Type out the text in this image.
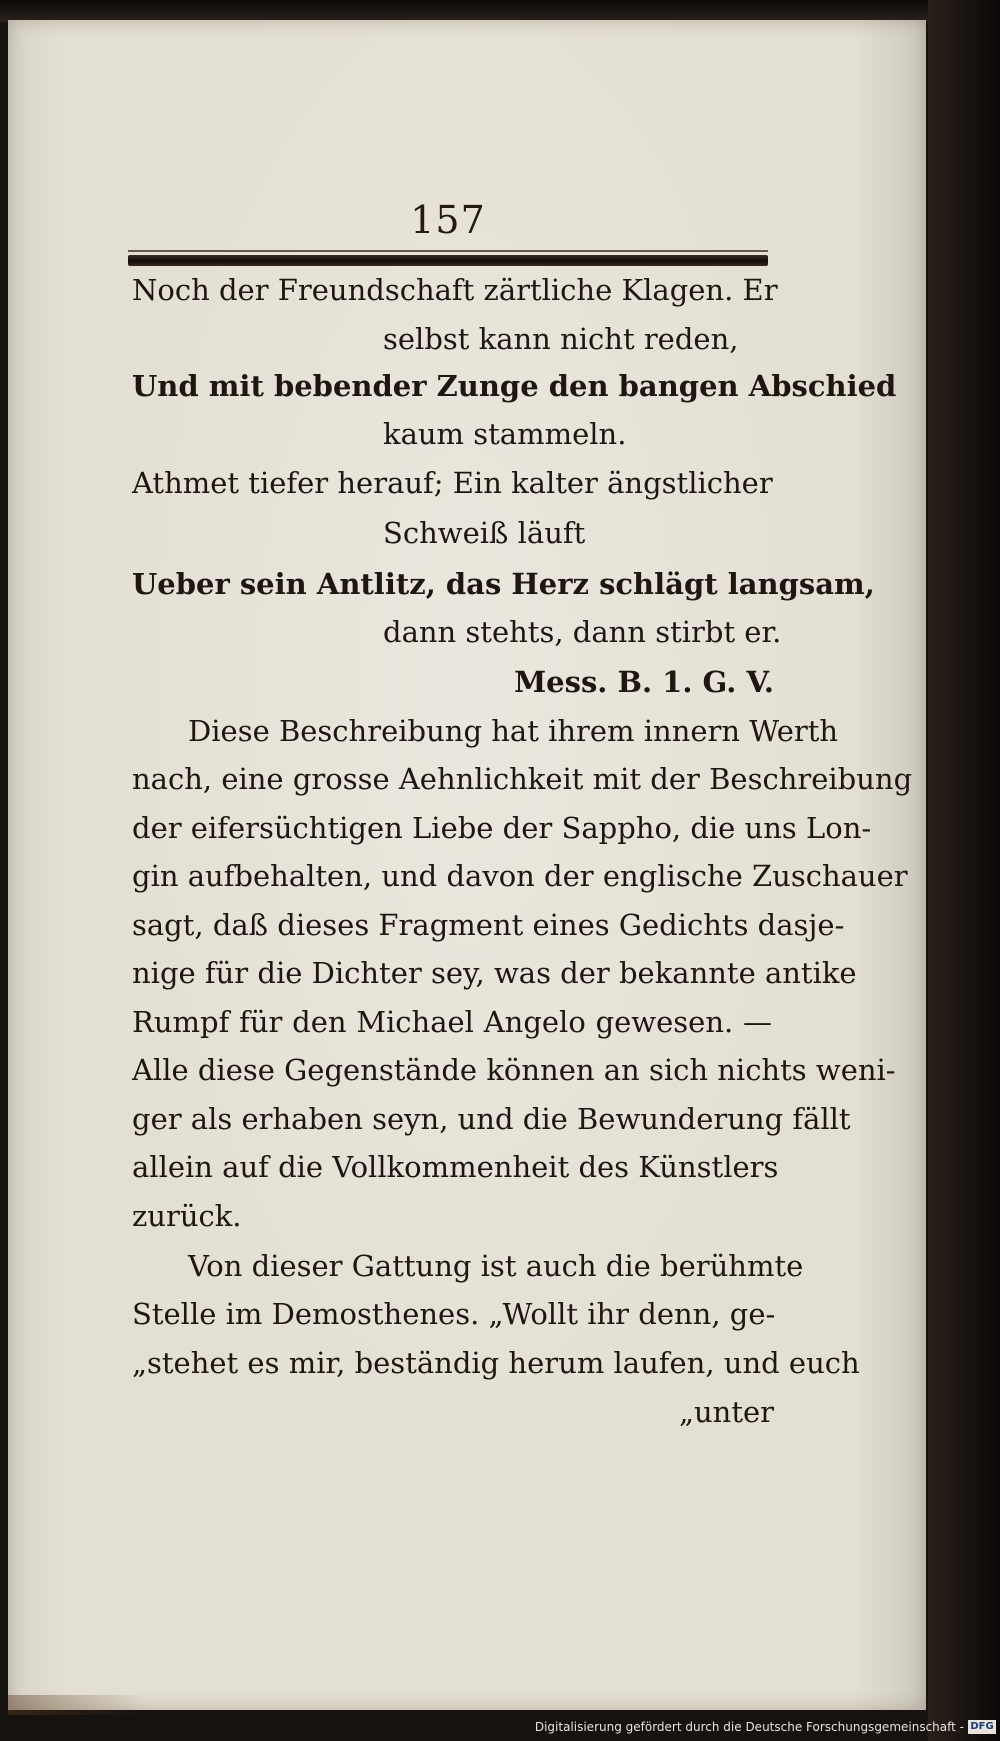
157
Noch der Freundschaft zärtliche Klagen. Er
selbst kann nicht reden,
Und mit bebender Zunge den bangen Abschied
kaum stammeln.
Athmet tiefer herauf; Ein kalter ängstlicher
Schweiß läuft
Ueber sein Antlitz, das Herz schlägt langsam,
dann stehts, dann stirbt er.
Mess. B. 1. G. V.
Diese Beschreibung hat ihrem innern Werth
nach, eine grosse Aehnlichkeit mit der Beschreibung
der eifersüchtigen Liebe der Sappho, die uns Lon-
gin aufbehalten, und davon der englische Zuschauer
sagt, daß dieses Fragment eines Gedichts dasje-
nige für die Dichter sey, was der bekannte antike
Rumpf für den Michael Angelo gewesen. —
Alle diese Gegenstände können an sich nichts weni-
ger als erhaben seyn, und die Bewunderung fällt
allein auf die Vollkommenheit des Künstlers
zurück.
Von dieser Gattung ist auch die berühmte
Stelle im Demosthenes. „Wollt ihr denn, ge-
„stehet es mir, beständig herum laufen, und euch
„unter
Digitalisierung gefördert durch die Deutsche Forschungsgemeinschaft - DFG
